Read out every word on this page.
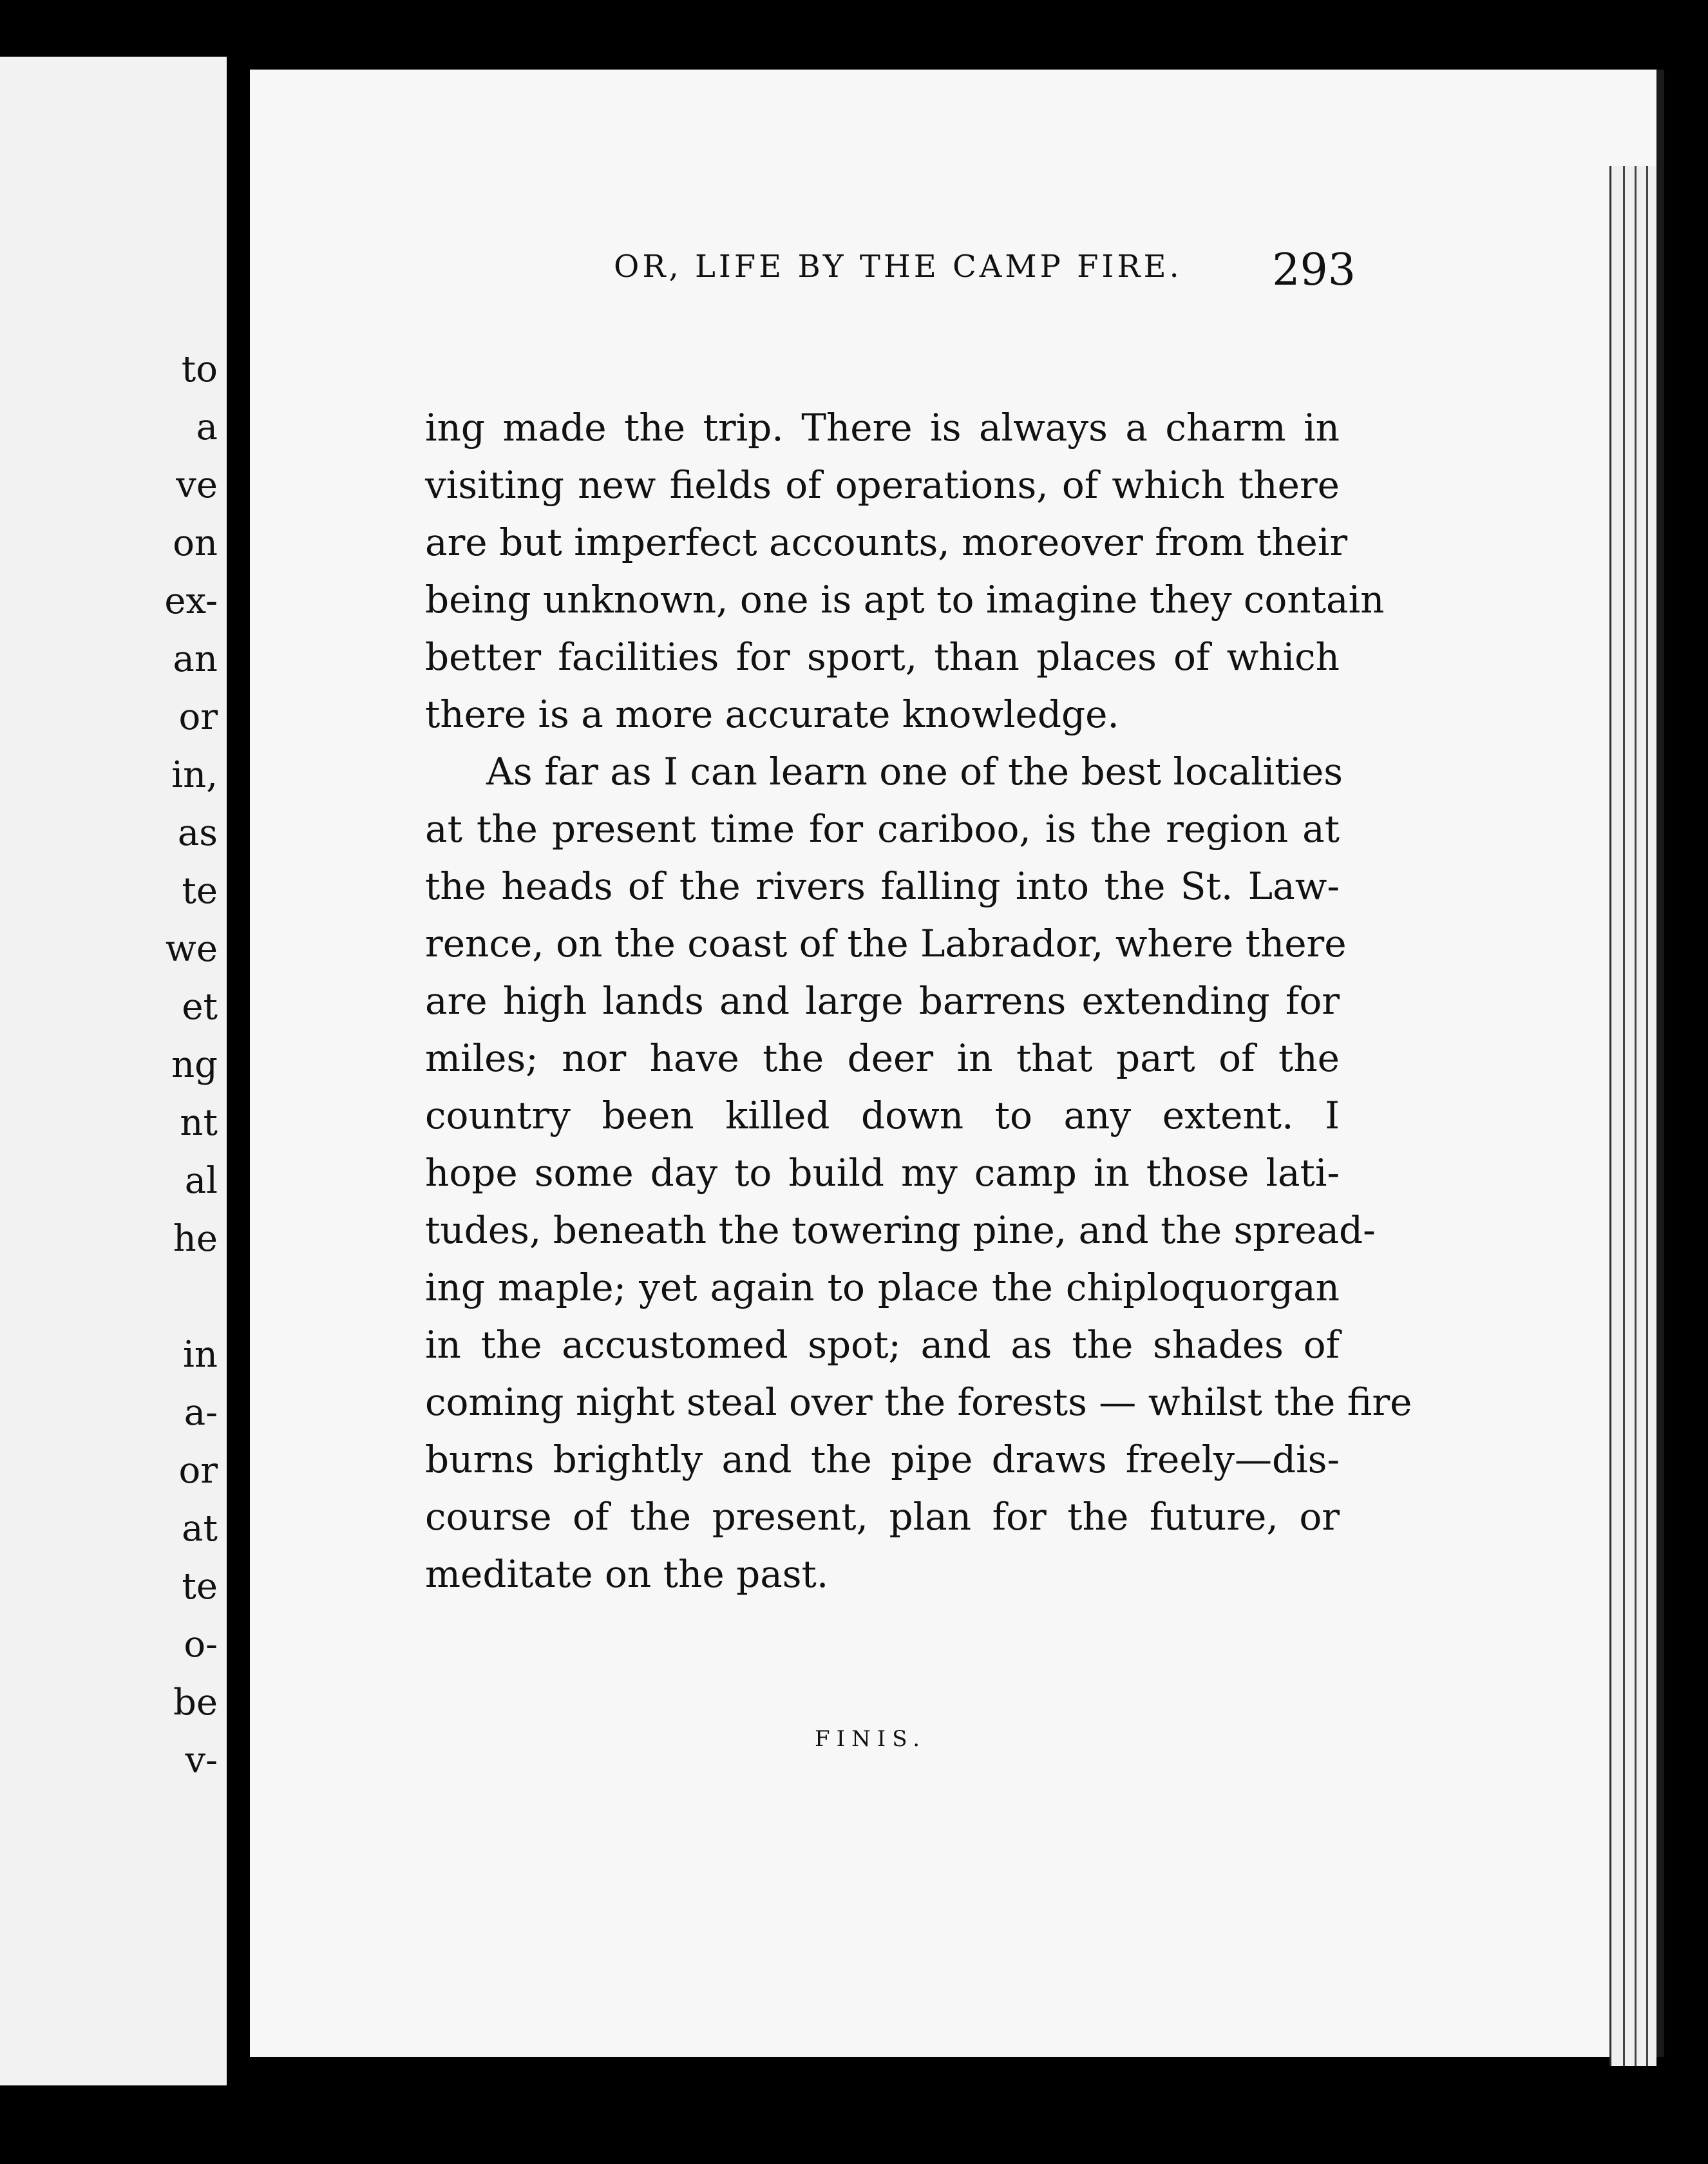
to
a
ve
on
ex-
an
or
in,
as
te
we
et
ng
nt
al
he
in
a-
or
at
te
o-
be
v-
OR, LIFE BY THE CAMP FIRE. 293
ing made the trip. There is always a charm in
visiting new fields of operations, of which there
are but imperfect accounts, moreover from their
being unknown, one is apt to imagine they contain
better facilities for sport, than places of which
there is a more accurate knowledge.
As far as I can learn one of the best localities
at the present time for cariboo, is the region at
the heads of the rivers falling into the St. Law-
rence, on the coast of the Labrador, where there
are high lands and large barrens extending for
miles; nor have the deer in that part of the
country been killed down to any extent. I
hope some day to build my camp in those lati-
tudes, beneath the towering pine, and the spread-
ing maple; yet again to place the chiploquorgan
in the accustomed spot; and as the shades of
coming night steal over the forests — whilst the fire
burns brightly and the pipe draws freely—dis-
course of the present, plan for the future, or
meditate on the past.
FINIS.
